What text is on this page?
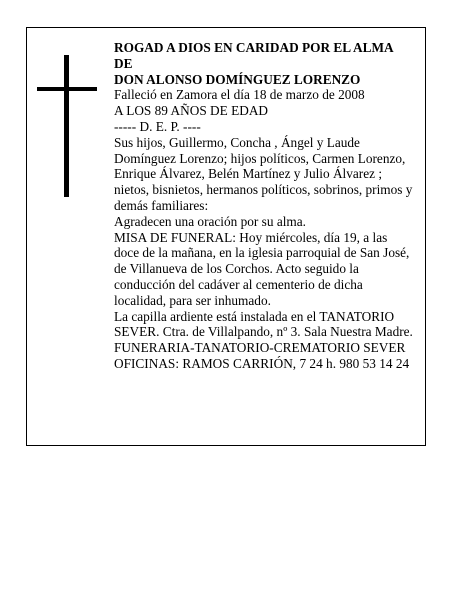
ROGAD A DIOS EN CARIDAD POR EL ALMA
DE
DON ALONSO DOMÍNGUEZ LORENZO
Falleció en Zamora el día 18 de marzo de 2008
A LOS 89 AÑOS DE EDAD
----- D. E. P. ----
Sus hijos, Guillermo, Concha , Ángel y Laude
Domínguez Lorenzo; hijos políticos, Carmen Lorenzo,
Enrique Álvarez, Belén Martínez y Julio Álvarez ;
nietos, bisnietos, hermanos políticos, sobrinos, primos y
demás familiares:
Agradecen una oración por su alma.
MISA DE FUNERAL: Hoy miércoles, día 19, a las
doce de la mañana, en la iglesia parroquial de San José,
de Villanueva de los Corchos. Acto seguido la
conducción del cadáver al cementerio de dicha
localidad, para ser inhumado.
La capilla ardiente está instalada en el TANATORIO
SEVER. Ctra. de Villalpando, nº 3. Sala Nuestra Madre.
FUNERARIA-TANATORIO-CREMATORIO SEVER
OFICINAS: RAMOS CARRIÓN, 7 24 h. 980 53 14 24
